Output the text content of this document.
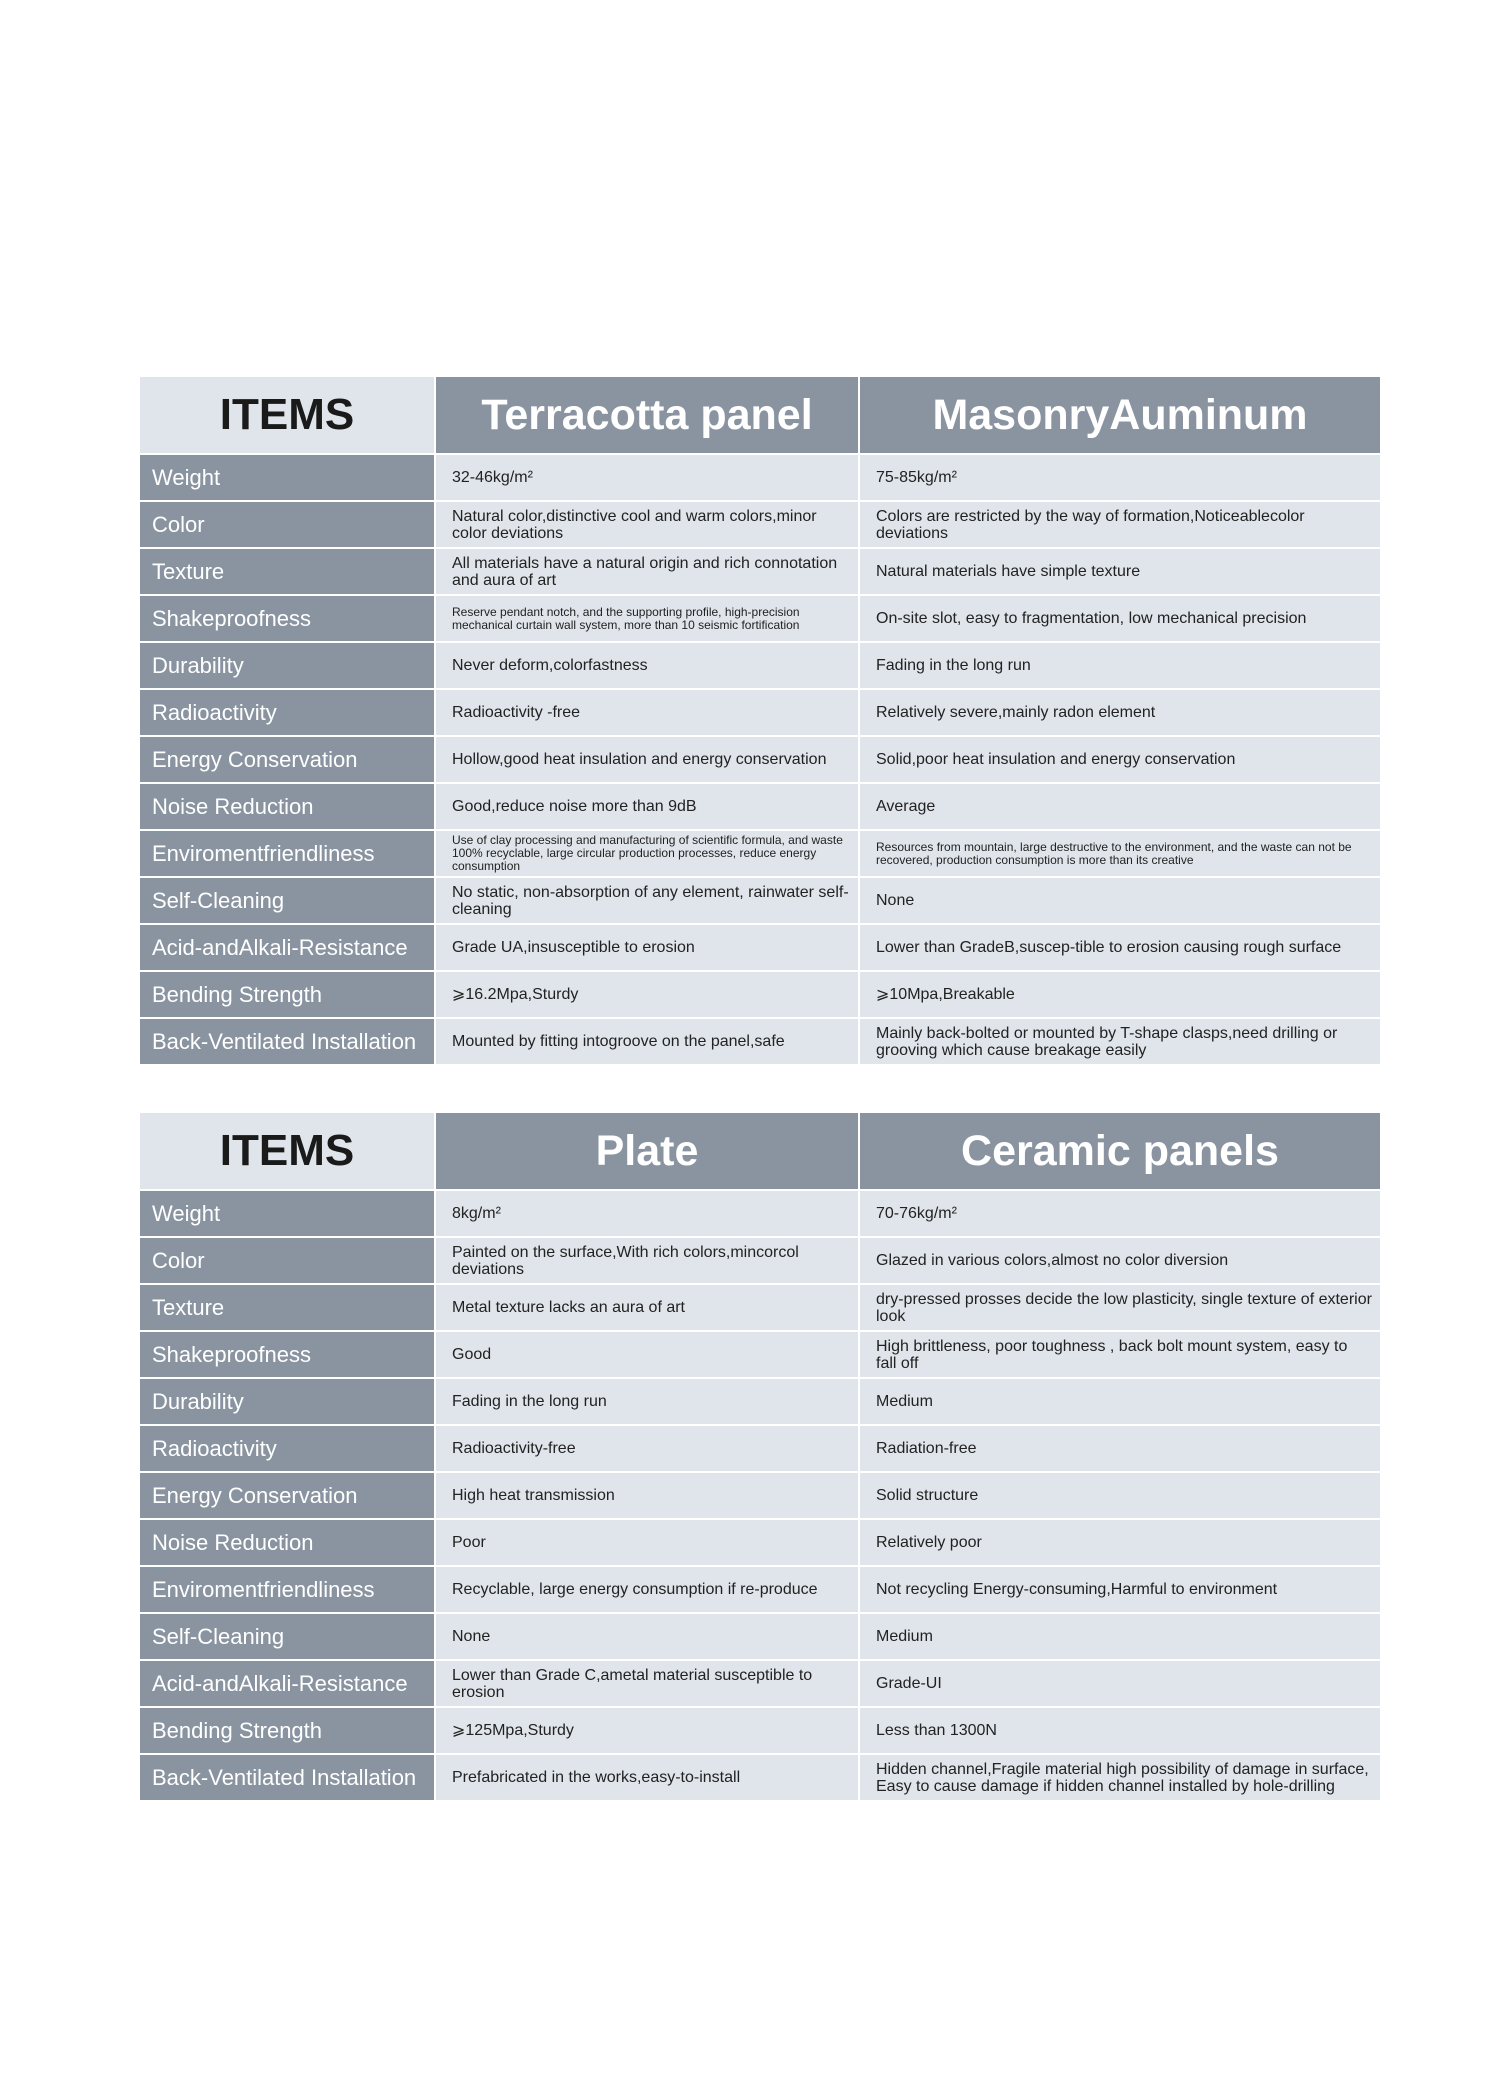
ITEMS	Terracotta panel	MasonryAuminum
Weight	32-46kg/m²	75-85kg/m²
Color	Natural color,distinctive cool and warm colors,minor color deviations	Colors are restricted by the way of formation,Noticeablecolor deviations
Texture	All materials have a natural origin and rich connotation and aura of art	Natural materials have simple texture
Shakeproofness	Reserve pendant notch, and the supporting profile, high-precision mechanical curtain wall system, more than 10 seismic fortification	On-site slot, easy to fragmentation, low mechanical precision
Durability	Never deform,colorfastness	Fading in the long run
Radioactivity	Radioactivity -free	Relatively severe,mainly radon element
Energy Conservation	Hollow,good heat insulation and energy conservation	Solid,poor heat insulation and energy conservation
Noise Reduction	Good,reduce noise more than 9dB	Average
Enviromentfriendliness	Use of clay processing and manufacturing of scientific formula, and waste 100% recyclable, large circular production processes, reduce energy consumption	Resources from mountain, large destructive to the environment, and the waste can not be recovered, production consumption is more than its creative
Self-Cleaning	No static, non-absorption of any element, rainwater self-cleaning	None
Acid-andAlkali-Resistance	Grade UA,insusceptible to erosion	Lower than GradeB,suscep-tible to erosion causing rough surface
Bending Strength	⩾16.2Mpa,Sturdy	⩾10Mpa,Breakable
Back-Ventilated Installation	Mounted by fitting intogroove on the panel,safe	Mainly back-bolted or mounted by T-shape clasps,need drilling or grooving which cause breakage easily
ITEMS	Plate	Ceramic panels
Weight	8kg/m²	70-76kg/m²
Color	Painted on the surface,With rich colors,mincorcol deviations	Glazed in various colors,almost no color diversion
Texture	Metal texture lacks an aura of art	dry-pressed prosses decide the low plasticity, single texture of exterior look
Shakeproofness	Good	High brittleness, poor toughness , back bolt mount system, easy to fall off
Durability	Fading in the long run	Medium
Radioactivity	Radioactivity-free	Radiation-free
Energy Conservation	High heat transmission	Solid structure
Noise Reduction	Poor	Relatively poor
Enviromentfriendliness	Recyclable, large energy consumption if re-produce	Not recycling Energy-consuming,Harmful to environment
Self-Cleaning	None	Medium
Acid-andAlkali-Resistance	Lower than Grade C,ametal material susceptible to erosion	Grade-UI
Bending Strength	⩾125Mpa,Sturdy	Less than 1300N
Back-Ventilated Installation	Prefabricated in the works,easy-to-install	Hidden channel,Fragile material high possibility of damage in surface, Easy to cause damage if hidden channel installed by hole-drilling
